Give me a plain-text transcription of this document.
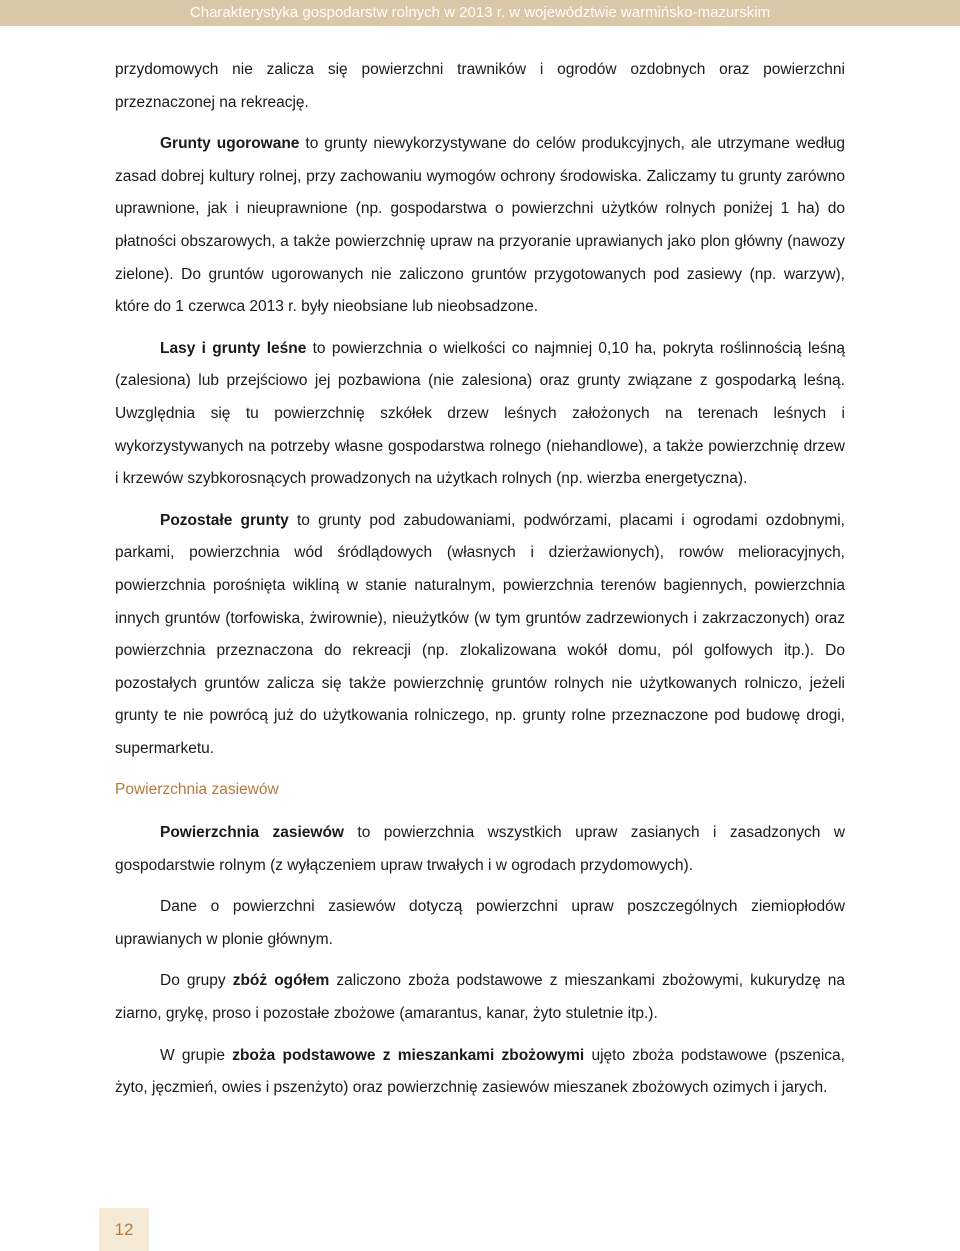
Charakterystyka gospodarstw rolnych w 2013 r. w województwie warmińsko-mazurskim

przydomowych nie zalicza się powierzchni trawników i ogrodów ozdobnych oraz powierzchni przeznaczonej na rekreację.

Grunty ugorowane to grunty niewykorzystywane do celów produkcyjnych, ale utrzymane według zasad dobrej kultury rolnej, przy zachowaniu wymogów ochrony środowiska. Zaliczamy tu grunty zarówno uprawnione, jak i nieuprawnione (np. gospodarstwa o powierzchni użytków rolnych poniżej 1 ha) do płatności obszarowych, a także powierzchnię upraw na przyoranie uprawianych jako plon główny (nawozy zielone). Do gruntów ugorowanych nie zaliczono gruntów przygotowanych pod zasiewy (np. warzyw), które do 1 czerwca 2013 r. były nieobsiane lub nieobsadzone.

Lasy i grunty leśne to powierzchnia o wielkości co najmniej 0,10 ha, pokryta roślinnością leśną (zalesiona) lub przejściowo jej pozbawiona (nie zalesiona) oraz grunty związane z gospodarką leśną. Uwzględnia się tu powierzchnię szkółek drzew leśnych założonych na terenach leśnych i wykorzystywanych na potrzeby własne gospodarstwa rolnego (niehandlowe), a także powierzchnię drzew i krzewów szybkorosnących prowadzonych na użytkach rolnych (np. wierzba energetyczna).

Pozostałe grunty to grunty pod zabudowaniami, podwórzami, placami i ogrodami ozdobnymi, parkami, powierzchnia wód śródlądowych (własnych i dzierżawionych), rowów melioracyjnych, powierzchnia porośnięta wikliną w stanie naturalnym, powierzchnia terenów bagiennych, powierzchnia innych gruntów (torfowiska, żwirownie), nieużytków (w tym gruntów zadrzewionych i zakrzaczonych) oraz powierzchnia przeznaczona do rekreacji (np. zlokalizowana wokół domu, pól golfowych itp.). Do pozostałych gruntów zalicza się także powierzchnię gruntów rolnych nie użytkowanych rolniczo, jeżeli grunty te nie powrócą już do użytkowania rolniczego, np. grunty rolne przeznaczone pod budowę drogi, supermarketu.

Powierzchnia zasiewów

Powierzchnia zasiewów to powierzchnia wszystkich upraw zasianych i zasadzonych w gospodarstwie rolnym (z wyłączeniem upraw trwałych i w ogrodach przydomowych).

Dane o powierzchni zasiewów dotyczą powierzchni upraw poszczególnych ziemiopłodów uprawianych w plonie głównym.

Do grupy zbóż ogółem zaliczono zboża podstawowe z mieszankami zbożowymi, kukurydzę na ziarno, grykę, proso i pozostałe zbożowe (amarantus, kanar, żyto stuletnie itp.).

W grupie zboża podstawowe z mieszankami zbożowymi ujęto zboża podstawowe (pszenica, żyto, jęczmień, owies i pszenżyto) oraz powierzchnię zasiewów mieszanek zbożowych ozimych i jarych.

12
